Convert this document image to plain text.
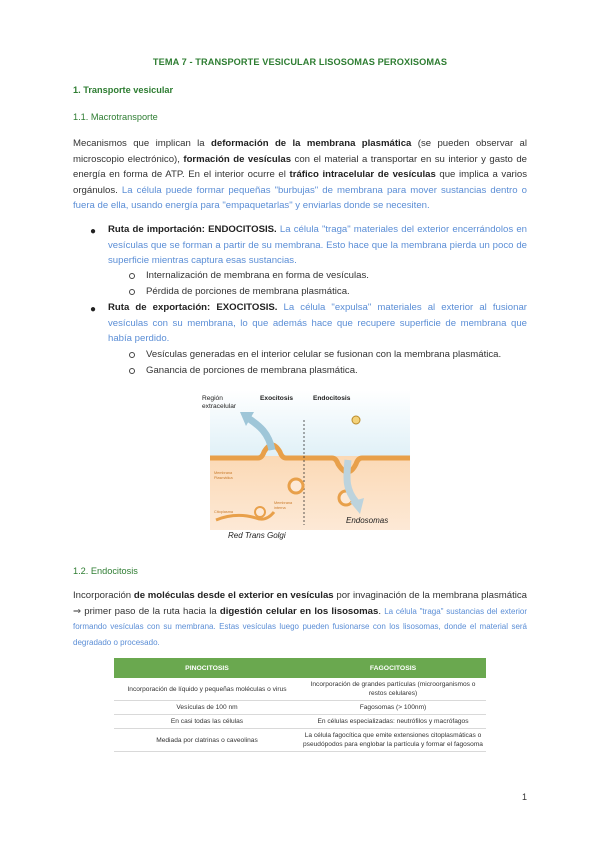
TEMA 7 - TRANSPORTE VESICULAR LISOSOMAS PEROXISOMAS
1. Transporte vesicular
1.1. Macrotransporte
Mecanismos que implican la deformación de la membrana plasmática (se pueden observar al microscopio electrónico), formación de vesículas con el material a transportar en su interior y gasto de energía en forma de ATP. En el interior ocurre el tráfico intracelular de vesículas que implica a varios orgánulos. La célula puede formar pequeñas "burbujas" de membrana para mover sustancias dentro o fuera de ella, usando energía para "empaquetarlas" y enviarlas donde se necesiten.
● Ruta de importación: ENDOCITOSIS. La célula "traga" materiales del exterior encerrándolos en vesículas que se forman a partir de su membrana. Esto hace que la membrana pierda un poco de superficie mientras captura esas sustancias.
Internalización de membrana en forma de vesículas.
Pérdida de porciones de membrana plasmática.
● Ruta de exportación: EXOCITOSIS. La célula "expulsa" materiales al exterior al fusionar vesículas con su membrana, lo que además hace que recupere superficie de membrana que había perdido.
Vesículas generadas en el interior celular se fusionan con la membrana plasmática.
Ganancia de porciones de membrana plasmática.
Región
extracelular
Exocitosis	Endocitosis
Membrana
Plasmática
Citoplasma
Membrana
interna
Endosomas
Red Trans Golgi
1.2. Endocitosis
Incorporación de moléculas desde el exterior en vesículas por invaginación de la membrana plasmática ⇒ primer paso de la ruta hacia la digestión celular en los lisosomas. La célula "traga" sustancias del exterior formando vesículas con su membrana. Estas vesículas luego pueden fusionarse con los lisosomas, donde el material será degradado o procesado.
PINOCITOSIS	FAGOCITOSIS
Incorporación de líquido y pequeñas moléculas o virus	Incorporación de grandes partículas (microorganismos o restos celulares)
Vesículas de 100 nm	Fagosomas (> 100nm)
En casi todas las células	En células especializadas: neutrófilos y macrófagos
Mediada por clatrinas o caveolinas	La célula fagocítica que emite extensiones citoplasmáticas o pseudópodos para englobar la partícula y formar el fagosoma
1
